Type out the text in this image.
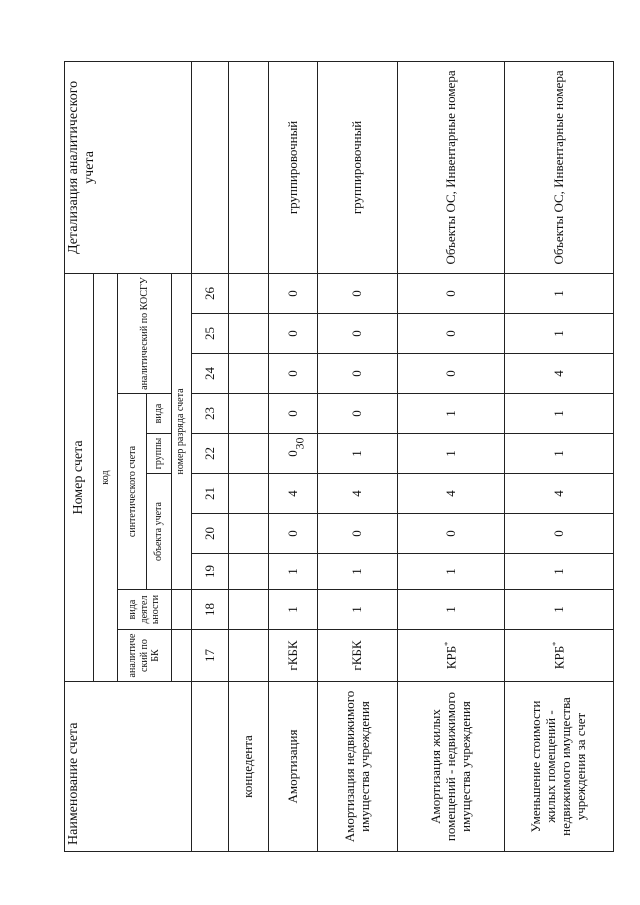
30
Наименование счета	Номер счета										Детализация аналитического учета
	код										
	аналитиче ский по БК	вида деятел ьности	синтетического счета					аналитический по КОСГУ			
			объекта учета			группы	вида				
			номер разряда счета								
	17	18	19	20	21	22	23	24	25	26	
концедента											
Амортизация	гКБК	1	1	0	4	0	0	0	0	0	группировочный
Амортизация недвижимого имущества учреждения	гКБК	1	1	0	4	1	0	0	0	0	группировочный
Амортизация жилых помещений - недвижимого имущества учреждения	КРБ*	1	1	0	4	1	1	0	0	0	Объекты ОС, Инвентарные номера
Уменьшение стоимости жилых помещений - недвижимого имущества учреждения за счет	КРБ*	1	1	0	4	1	1	4	1	1	Объекты ОС, Инвентарные номера
